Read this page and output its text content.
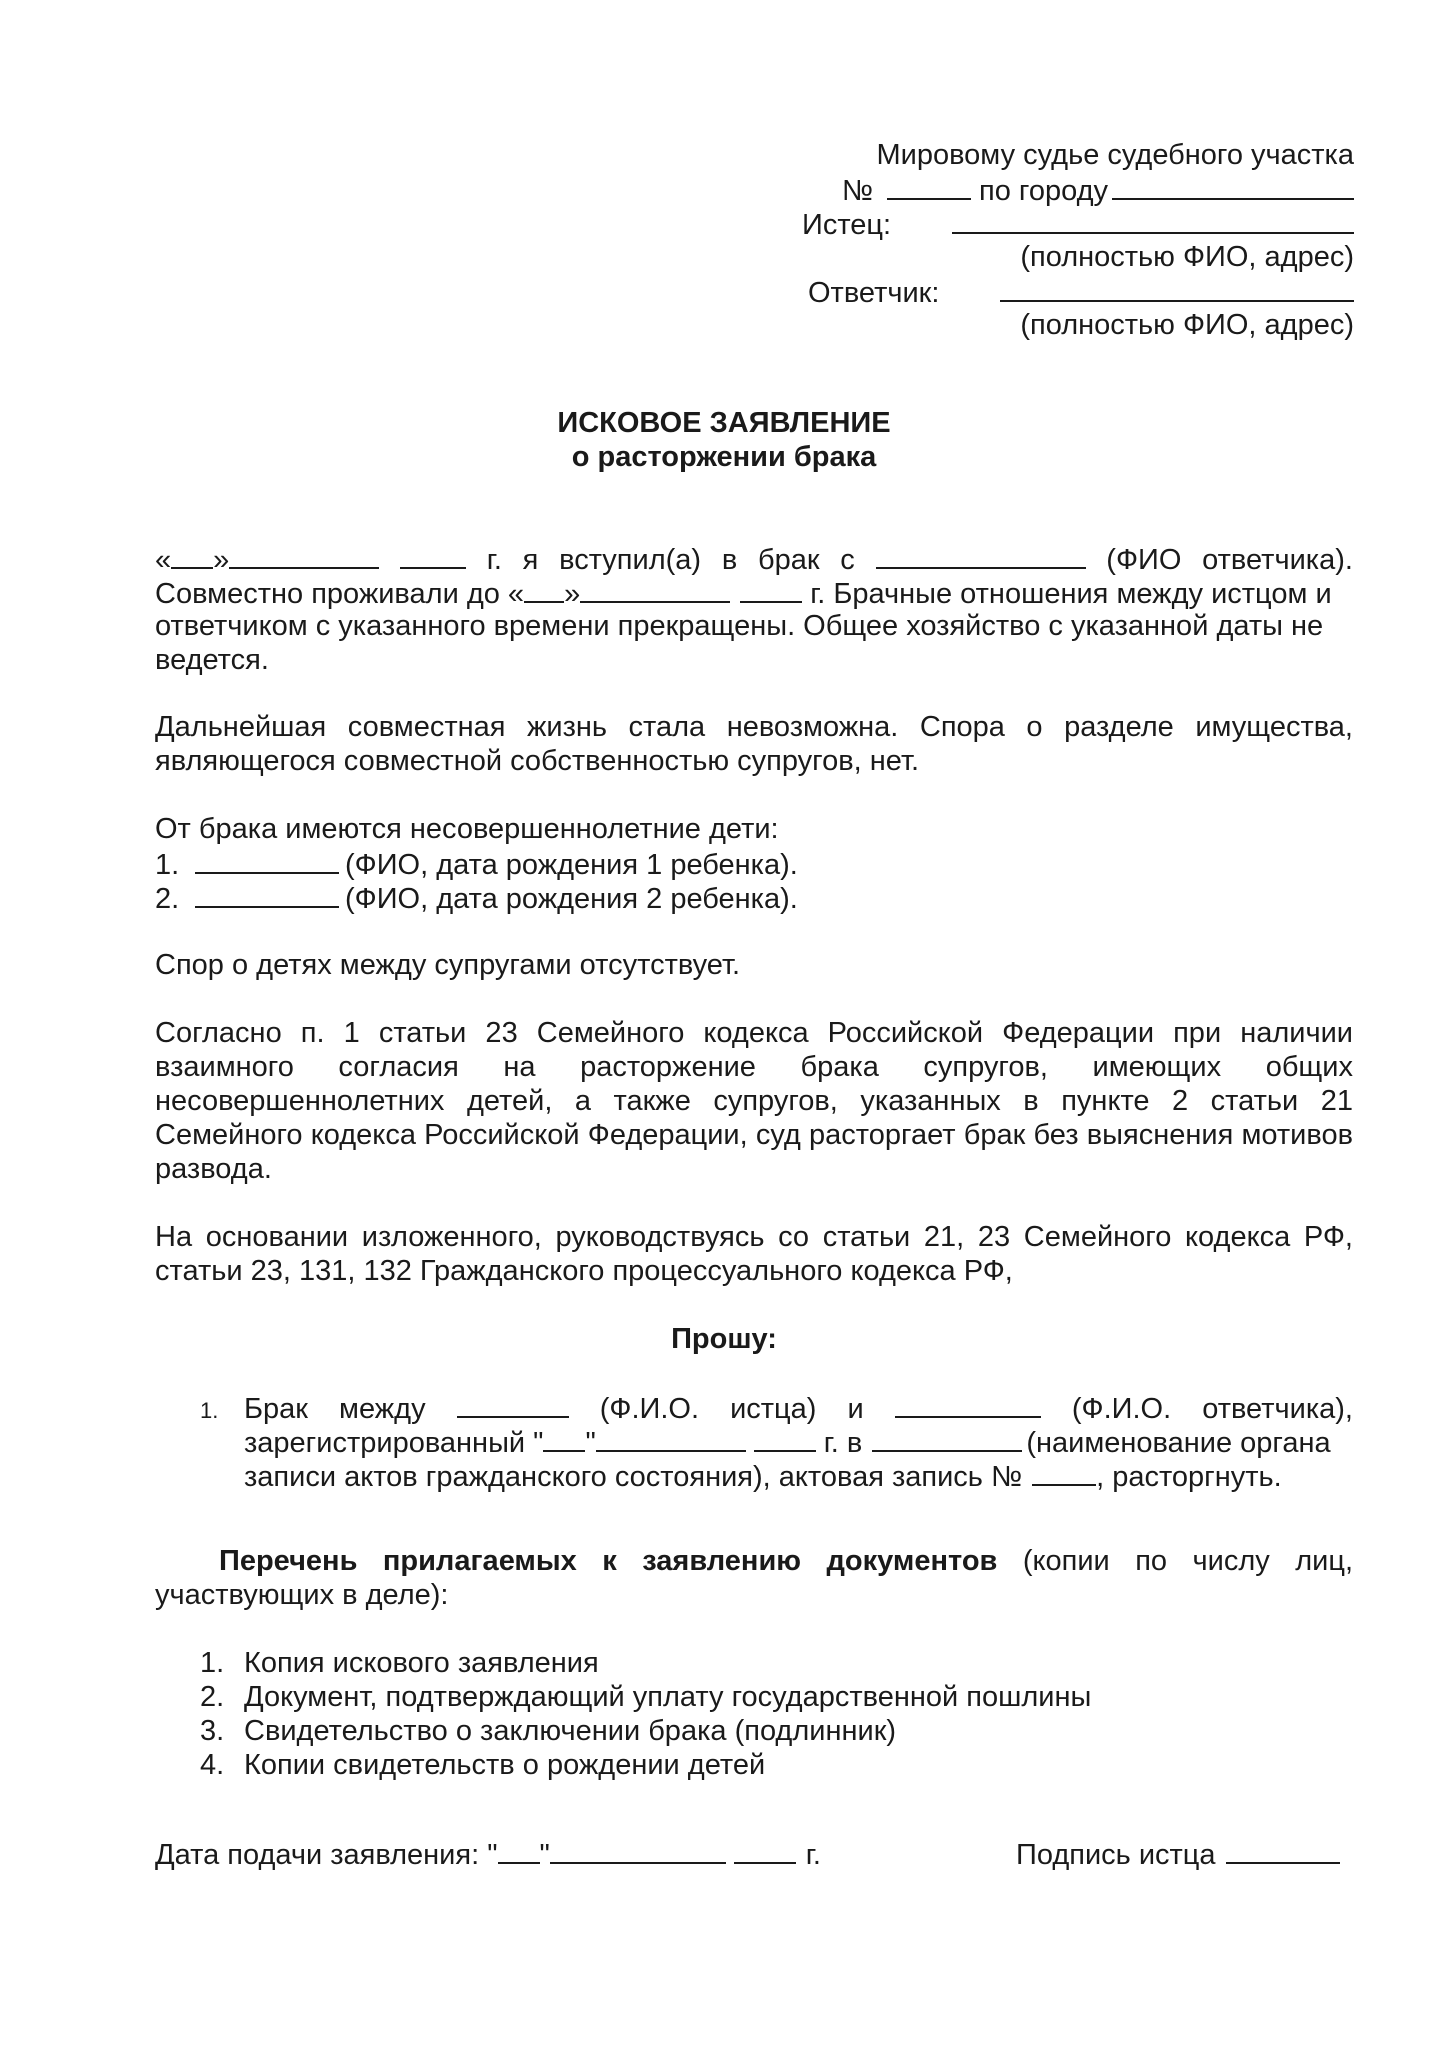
Мировому судье судебного участка
№	по городу
Истец:
(полностью ФИО, адрес)
Ответчик:
(полностью ФИО, адрес)
ИСКОВОЕ ЗАЯВЛЕНИЕ
о расторжении брака
« »	г. я вступил(а) в брак с	(ФИО ответчика).
Совместно проживали до « »	г. Брачные отношения между истцом и
ответчиком с указанного времени прекращены. Общее хозяйство с указанной даты не
ведется.
Дальнейшая совместная жизнь стала невозможна. Спора о разделе имущества, являющегося совместной собственностью супругов, нет.
От брака имеются несовершеннолетние дети:
1.	(ФИО, дата рождения 1 ребенка).
2.	(ФИО, дата рождения 2 ребенка).
Спор о детях между супругами отсутствует.
Согласно п. 1 статьи 23 Семейного кодекса Российской Федерации при наличии взаимного согласия на расторжение брака супругов, имеющих общих несовершеннолетних детей, а также супругов, указанных в пункте 2 статьи 21 Семейного кодекса Российской Федерации, суд расторгает брак без выяснения мотивов развода.
На основании изложенного, руководствуясь со статьи 21, 23 Семейного кодекса РФ, статьи 23, 131, 132 Гражданского процессуального кодекса РФ,
Прошу:
1. Брак между	(Ф.И.О. истца) и	(Ф.И.О. ответчика),
зарегистрированный " "	г. в	(наименование органа
записи актов гражданского состояния), актовая запись №	, расторгнуть.
Перечень прилагаемых к заявлению документов (копии по числу лиц, участвующих в деле):
1. Копия искового заявления
2. Документ, подтверждающий уплату государственной пошлины
3. Свидетельство о заключении брака (подлинник)
4. Копии свидетельств о рождении детей
Дата подачи заявления: " "	г.	Подпись истца
